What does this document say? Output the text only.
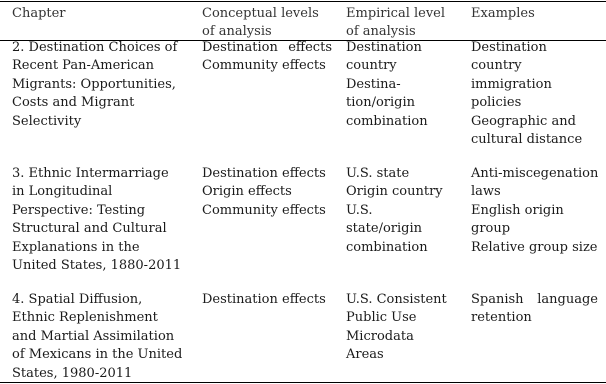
Chapter	Conceptual levels
of analysis
Empirical level
of analysis
Examples
2. Destination Choices of
Recent Pan-American
Migrants: Opportunities,
Costs and Migrant
Selectivity
Destination effects
Community effects
Destination
country
Destina-
tion/origin
combination
Destination
country
immigration
policies
Geographic and
cultural distance
3. Ethnic Intermarriage
in Longitudinal
Perspective: Testing
Structural and Cultural
Explanations in the
United States, 1880-2011
Destination effects
Origin effects
Community effects
U.S. state
Origin country
U.S.
state/origin
combination
Anti-miscegenation
laws
English origin
group
Relative group size
4. Spatial Diffusion,
Ethnic Replenishment
and Martial Assimilation
of Mexicans in the United
States, 1980-2011
Destination effects	U.S. Consistent
Public Use
Microdata
Areas
Spanish language
retention
